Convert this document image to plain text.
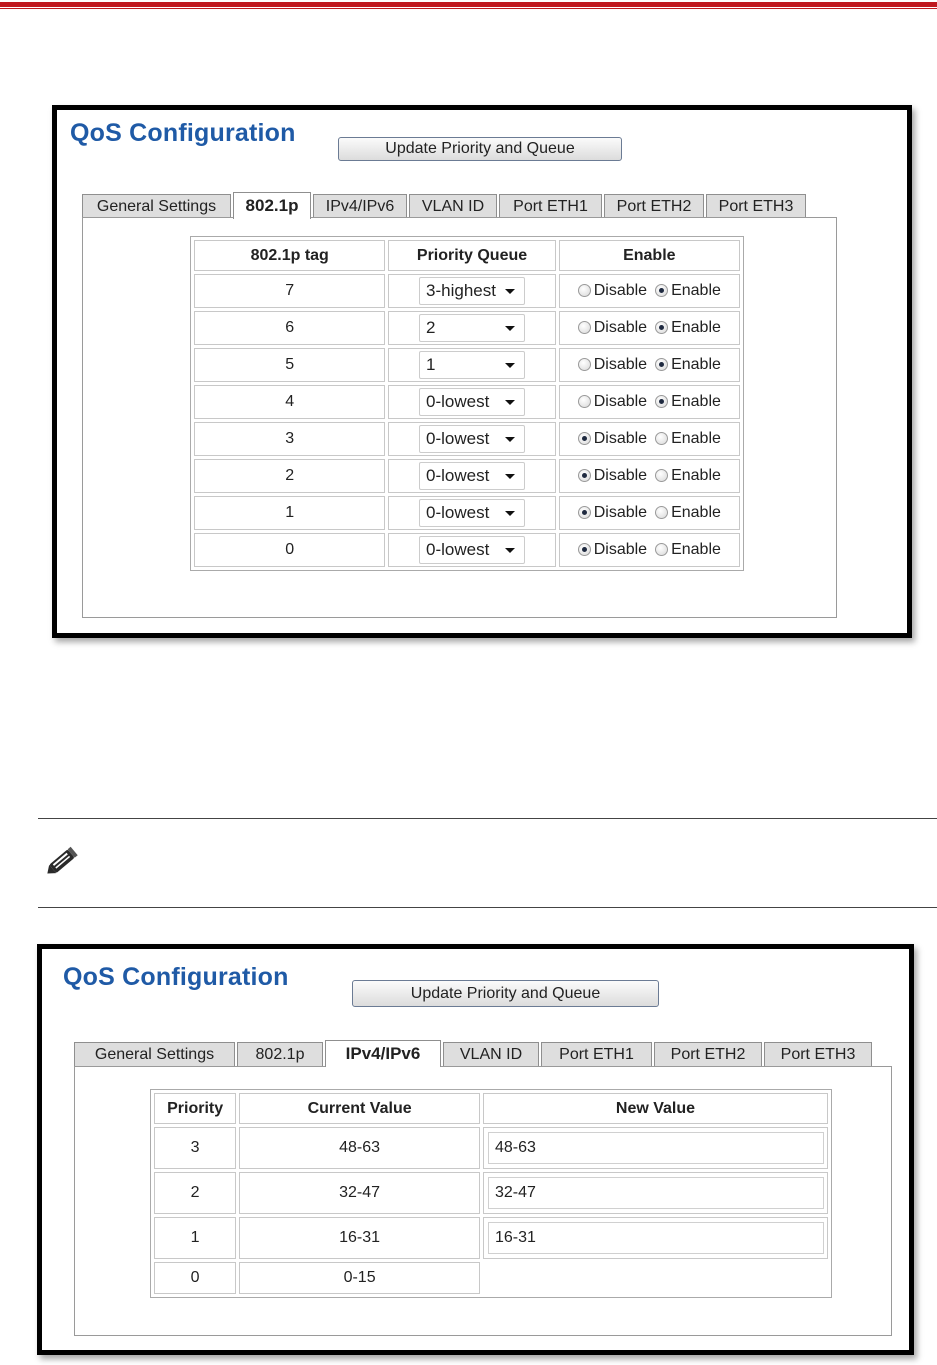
QoS Configuration
Update Priority and Queue
General Settings	802.1p	IPv4/IPv6	VLAN ID	Port ETH1	Port ETH2	Port ETH3
802.1p tag	Priority Queue	Enable
7	3-highest	Disable Enable
6	2	Disable Enable
5	1	Disable Enable
4	0-lowest	Disable Enable
3	0-lowest	Disable Enable
2	0-lowest	Disable Enable
1	0-lowest	Disable Enable
0	0-lowest	Disable Enable
QoS Configuration
Update Priority and Queue
General Settings	802.1p	IPv4/IPv6	VLAN ID	Port ETH1	Port ETH2	Port ETH3
Priority	Current Value	New Value
3	48-63	48-63
2	32-47	32-47
1	16-31	16-31
0	0-15	
